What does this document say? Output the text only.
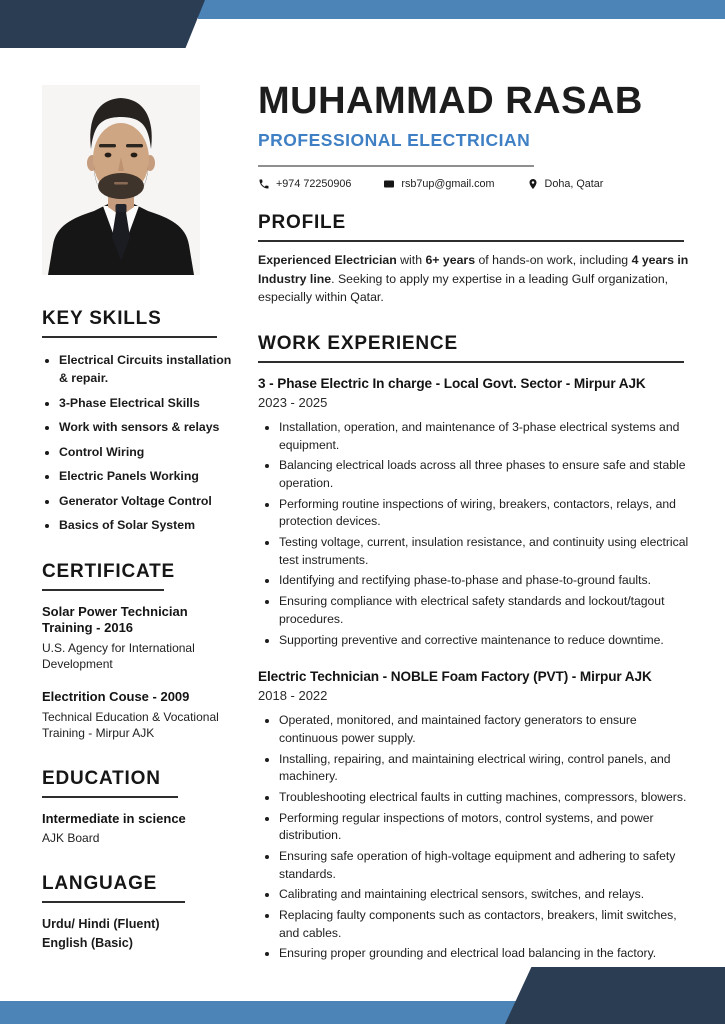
KEY SKILLS
• Electrical Circuits installation & repair.
• 3-Phase Electrical Skills
• Work with sensors & relays
• Control Wiring
• Electric Panels Working
• Generator Voltage Control
• Basics of Solar System
CERTIFICATE
Solar Power Technician Training - 2016
U.S. Agency for International Development
Electrition Couse - 2009
Technical Education & Vocational Training - Mirpur AJK
EDUCATION
Intermediate in science
AJK Board
LANGUAGE
Urdu/ Hindi (Fluent)
English (Basic)
MUHAMMAD RASAB
PROFESSIONAL ELECTRICIAN
+974 72250906	rsb7up@gmail.com	Doha, Qatar
PROFILE

Experienced Electrician with 6+ years of hands-on work, including 4 years in Industry line. Seeking to apply my expertise in a leading Gulf organization, especially within Qatar.

WORK EXPERIENCE
3 - Phase Electric In charge - Local Govt. Sector - Mirpur AJK
2023 - 2025
• Installation, operation, and maintenance of 3-phase electrical systems and equipment.
• Balancing electrical loads across all three phases to ensure safe and stable operation.
• Performing routine inspections of wiring, breakers, contactors, relays, and protection devices.
• Testing voltage, current, insulation resistance, and continuity using electrical test instruments.
• Identifying and rectifying phase-to-phase and phase-to-ground faults.
• Ensuring compliance with electrical safety standards and lockout/tagout procedures.
• Supporting preventive and corrective maintenance to reduce downtime.
Electric Technician - NOBLE Foam Factory (PVT) - Mirpur AJK
2018 - 2022
• Operated, monitored, and maintained factory generators to ensure continuous power supply.
• Installing, repairing, and maintaining electrical wiring, control panels, and machinery.
• Troubleshooting electrical faults in cutting machines, compressors, blowers.
• Performing regular inspections of motors, control systems, and power distribution.
• Ensuring safe operation of high-voltage equipment and adhering to safety standards.
• Calibrating and maintaining electrical sensors, switches, and relays.
• Replacing faulty components such as contactors, breakers, limit switches, and cables.
• Ensuring proper grounding and electrical load balancing in the factory.
